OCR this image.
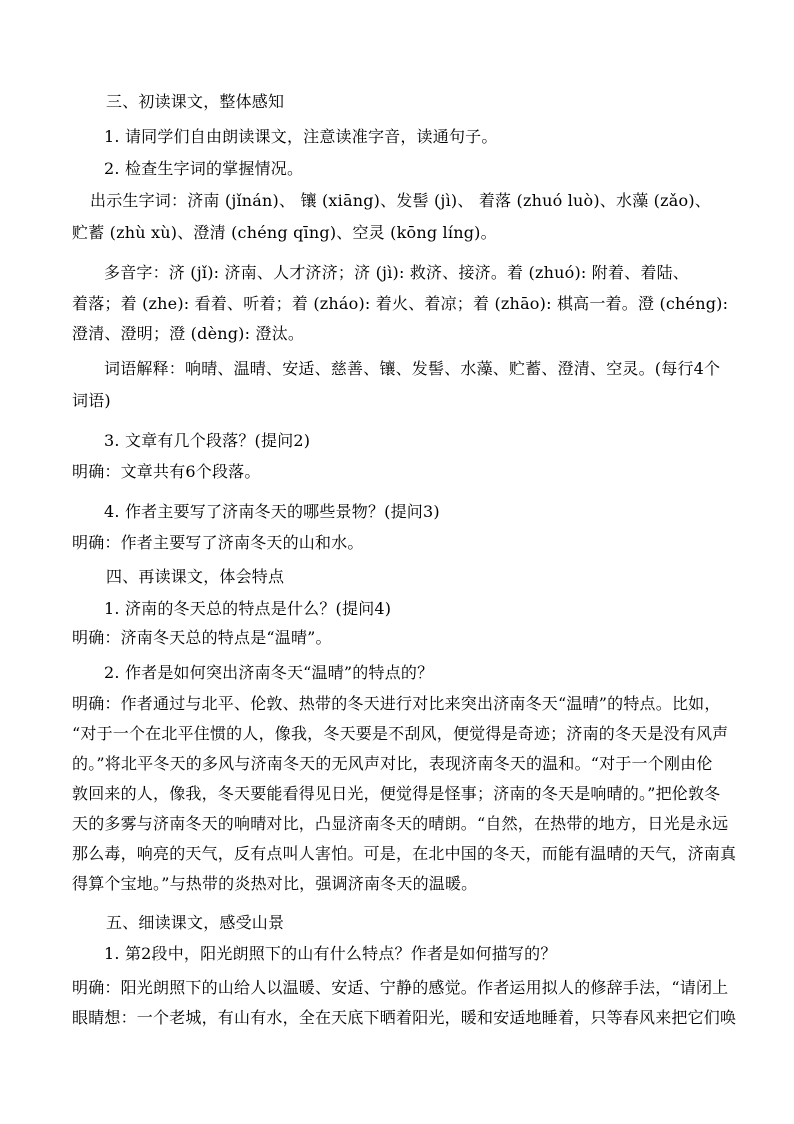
三、初读课文，整体感知
1. 请同学们自由朗读课文，注意读准字音，读通句子。
2. 检查生字词的掌握情况。
出示生字词：济南 (jǐnán)、 镶 (xiāng)、发髻 (jì)、 着落 (zhuó luò)、水藻 (zǎo)、
贮蓄 (zhù xù)、澄清 (chéng qīng)、空灵 (kōng líng)。
多音字：济 (jǐ): 济南、人才济济；济 (jì): 救济、接济。着 (zhuó): 附着、着陆、
着落；着 (zhe): 看着、听着；着 (zháo): 着火、着凉；着 (zhāo): 棋高一着。澄 (chéng):
澄清、澄明；澄 (dèng): 澄汰。
词语解释：响晴、温晴、安适、慈善、镶、发髻、水藻、贮蓄、澄清、空灵。(每行4个
词语)
3. 文章有几个段落？(提问2)
明确：文章共有6个段落。
4. 作者主要写了济南冬天的哪些景物？(提问3)
明确：作者主要写了济南冬天的山和水。
四、再读课文，体会特点
1. 济南的冬天总的特点是什么？(提问4)
明确：济南冬天总的特点是“温晴”。
2. 作者是如何突出济南冬天“温晴”的特点的？
明确：作者通过与北平、伦敦、热带的冬天进行对比来突出济南冬天“温晴”的特点。比如，
“对于一个在北平住惯的人，像我，冬天要是不刮风，便觉得是奇迹；济南的冬天是没有风声
的。”将北平冬天的多风与济南冬天的无风声对比，表现济南冬天的温和。“对于一个刚由伦
敦回来的人，像我，冬天要能看得见日光，便觉得是怪事；济南的冬天是响晴的。”把伦敦冬
天的多雾与济南冬天的响晴对比，凸显济南冬天的晴朗。“自然，在热带的地方，日光是永远
那么毒，响亮的天气，反有点叫人害怕。可是，在北中国的冬天，而能有温晴的天气，济南真
得算个宝地。”与热带的炎热对比，强调济南冬天的温暖。
五、细读课文，感受山景
1. 第2段中，阳光朗照下的山有什么特点？作者是如何描写的？
明确：阳光朗照下的山给人以温暖、安适、宁静的感觉。作者运用拟人的修辞手法，“请闭上
眼睛想：一个老城，有山有水，全在天底下晒着阳光，暖和安适地睡着，只等春风来把它们唤
